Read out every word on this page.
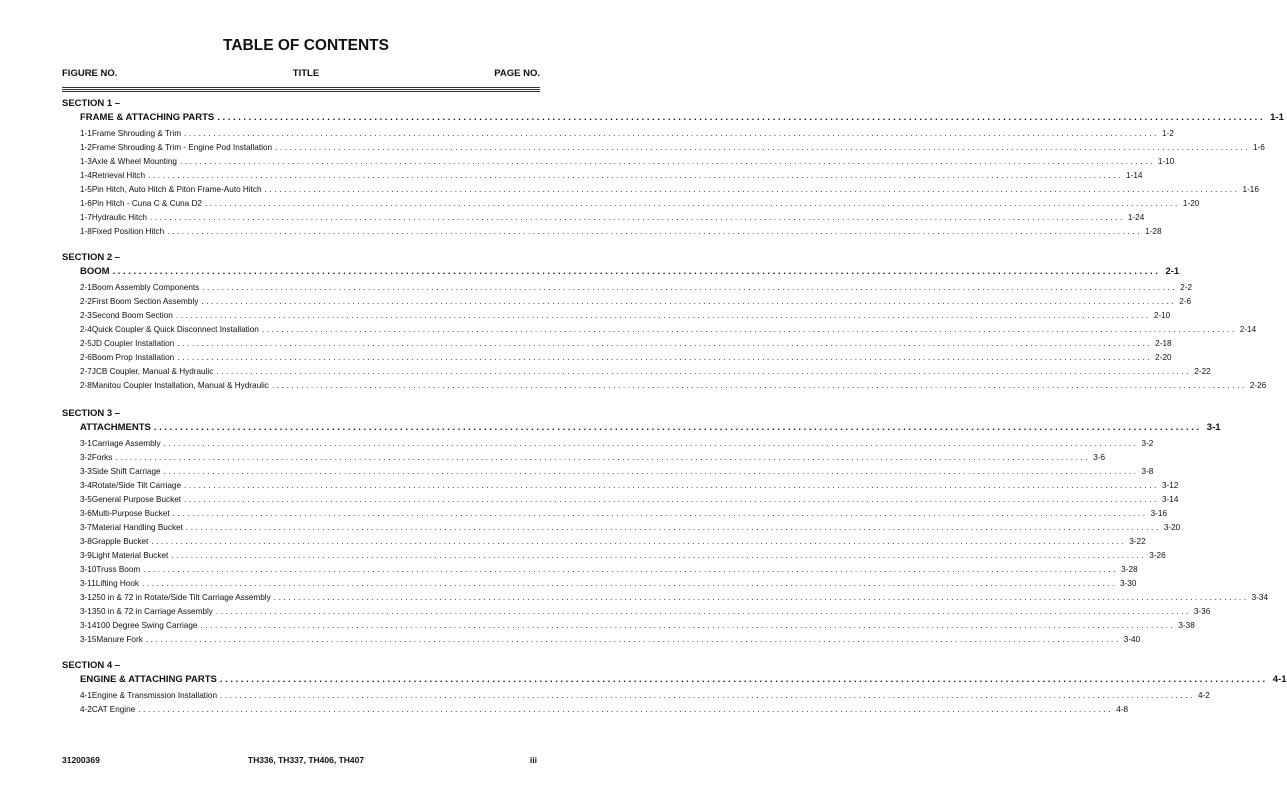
TABLE OF CONTENTS
FIGURE NO.	TITLE	PAGE NO.
SECTION 1 –
FRAME & ATTACHING PARTS ........................................................................................................................................................................................................ 1-1
1-1 Frame Shrouding & Trim ........................................................................................................................................................................................................ 1-2
1-2 Frame Shrouding & Trim - Engine Pod Installation ........................................................................................................................................................................................................ 1-6
1-3 Axle & Wheel Mounting ........................................................................................................................................................................................................ 1-10
1-4 Retrieval Hitch ........................................................................................................................................................................................................ 1-14
1-5 Pin Hitch, Auto Hitch & Piton Frame-Auto Hitch ........................................................................................................................................................................................................ 1-16
1-6 Pin Hitch - Cuna C & Cuna D2 ........................................................................................................................................................................................................ 1-20
1-7 Hydraulic Hitch ........................................................................................................................................................................................................ 1-24
1-8 Fixed Position Hitch ........................................................................................................................................................................................................ 1-28
SECTION 2 –
BOOM ........................................................................................................................................................................................................ 2-1
2-1 Boom Assembly Components ........................................................................................................................................................................................................ 2-2
2-2 First Boom Section Assembly ........................................................................................................................................................................................................ 2-6
2-3 Second Boom Section ........................................................................................................................................................................................................ 2-10
2-4 Quick Coupler & Quick Disconnect Installation ........................................................................................................................................................................................................ 2-14
2-5 JD Coupler Installation ........................................................................................................................................................................................................ 2-18
2-6 Boom Prop Installation ........................................................................................................................................................................................................ 2-20
2-7 JCB Coupler, Manual & Hydraulic ........................................................................................................................................................................................................ 2-22
2-8 Manitou Coupler Installation, Manual & Hydraulic ........................................................................................................................................................................................................ 2-26
SECTION 3 –
ATTACHMENTS ........................................................................................................................................................................................................ 3-1
3-1 Carriage Assembly ........................................................................................................................................................................................................ 3-2
3-2 Forks ........................................................................................................................................................................................................ 3-6
3-3 Side Shift Carriage ........................................................................................................................................................................................................ 3-8
3-4 Rotate/Side Tilt Carriage ........................................................................................................................................................................................................ 3-12
3-5 General Purpose Bucket ........................................................................................................................................................................................................ 3-14
3-6 Multi-Purpose Bucket ........................................................................................................................................................................................................ 3-16
3-7 Material Handling Bucket ........................................................................................................................................................................................................ 3-20
3-8 Grapple Bucket ........................................................................................................................................................................................................ 3-22
3-9 Light Material Bucket ........................................................................................................................................................................................................ 3-26
3-10 Truss Boom ........................................................................................................................................................................................................ 3-28
3-11 Lifting Hook ........................................................................................................................................................................................................ 3-30
3-12 50 in & 72 in Rotate/Side Tilt Carriage Assembly ........................................................................................................................................................................................................ 3-34
3-13 50 in & 72 in Carriage Assembly ........................................................................................................................................................................................................ 3-36
3-14 100 Degree Swing Carriage ........................................................................................................................................................................................................ 3-38
3-15 Manure Fork ........................................................................................................................................................................................................ 3-40
SECTION 4 –
ENGINE & ATTACHING PARTS ........................................................................................................................................................................................................ 4-1
4-1 Engine & Transmission Installation ........................................................................................................................................................................................................ 4-2
4-2 CAT Engine ........................................................................................................................................................................................................ 4-8
31200369	TH336, TH337, TH406, TH407	iii
